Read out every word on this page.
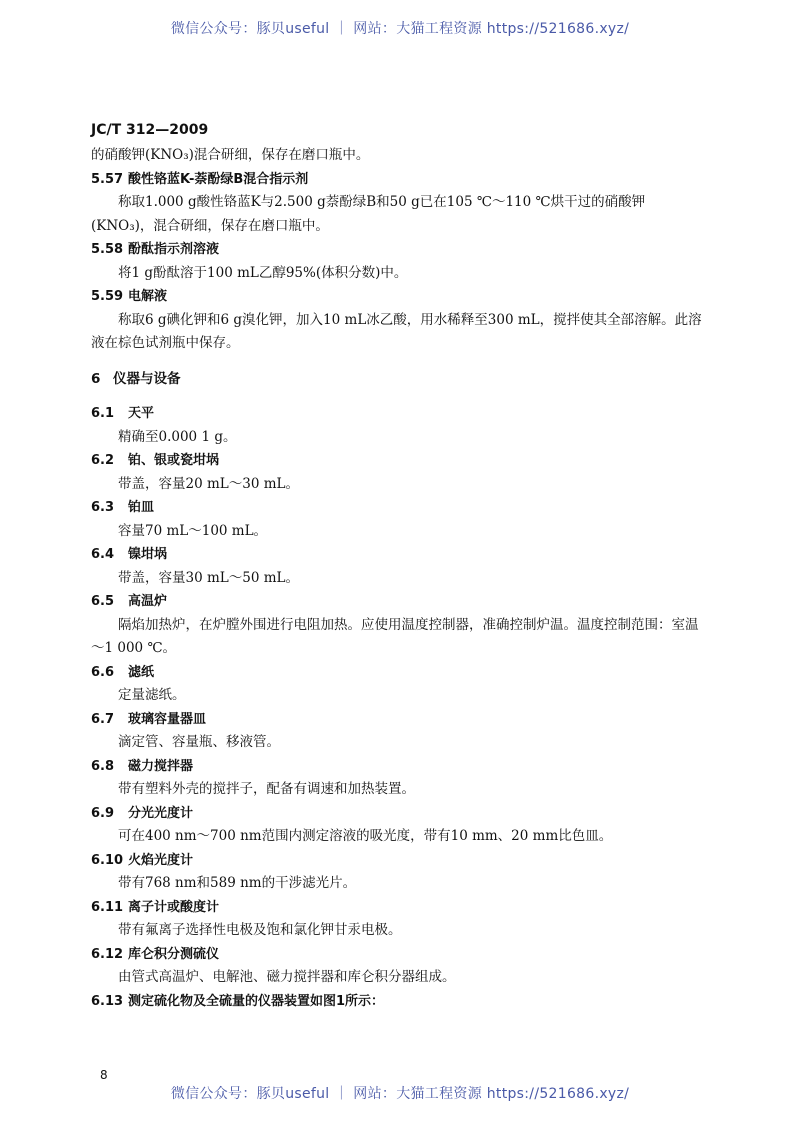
微信公众号：豚贝useful ｜ 网站：大猫工程资源 https://521686.xyz/
JC/T 312—2009
的硝酸钾(KNO₃)混合研细，保存在磨口瓶中。
5.57 酸性铬蓝K-萘酚绿B混合指示剂
称取1.000 g酸性铬蓝K与2.500 g萘酚绿B和50 g已在105 ℃～110 ℃烘干过的硝酸钾
(KNO₃)，混合研细，保存在磨口瓶中。
5.58 酚酞指示剂溶液
将1 g酚酞溶于100 mL乙醇95%(体积分数)中。
5.59 电解液
称取6 g碘化钾和6 g溴化钾，加入10 mL冰乙酸，用水稀释至300 mL，搅拌使其全部溶解。此溶
液在棕色试剂瓶中保存。
6 仪器与设备
6.1 天平
精确至0.000 1 g。
6.2 铂、银或瓷坩埚
带盖，容量20 mL～30 mL。
6.3 铂皿
容量70 mL～100 mL。
6.4 镍坩埚
带盖，容量30 mL～50 mL。
6.5 高温炉
隔焰加热炉，在炉膛外围进行电阻加热。应使用温度控制器，准确控制炉温。温度控制范围：室温
～1 000 ℃。
6.6 滤纸
定量滤纸。
6.7 玻璃容量器皿
滴定管、容量瓶、移液管。
6.8 磁力搅拌器
带有塑料外壳的搅拌子，配备有调速和加热装置。
6.9 分光光度计
可在400 nm～700 nm范围内测定溶液的吸光度，带有10 mm、20 mm比色皿。
6.10 火焰光度计
带有768 nm和589 nm的干涉滤光片。
6.11 离子计或酸度计
带有氟离子选择性电极及饱和氯化钾甘汞电极。
6.12 库仑积分测硫仪
由管式高温炉、电解池、磁力搅拌器和库仑积分器组成。
6.13 测定硫化物及全硫量的仪器装置如图1所示：
8
微信公众号：豚贝useful ｜ 网站：大猫工程资源 https://521686.xyz/
